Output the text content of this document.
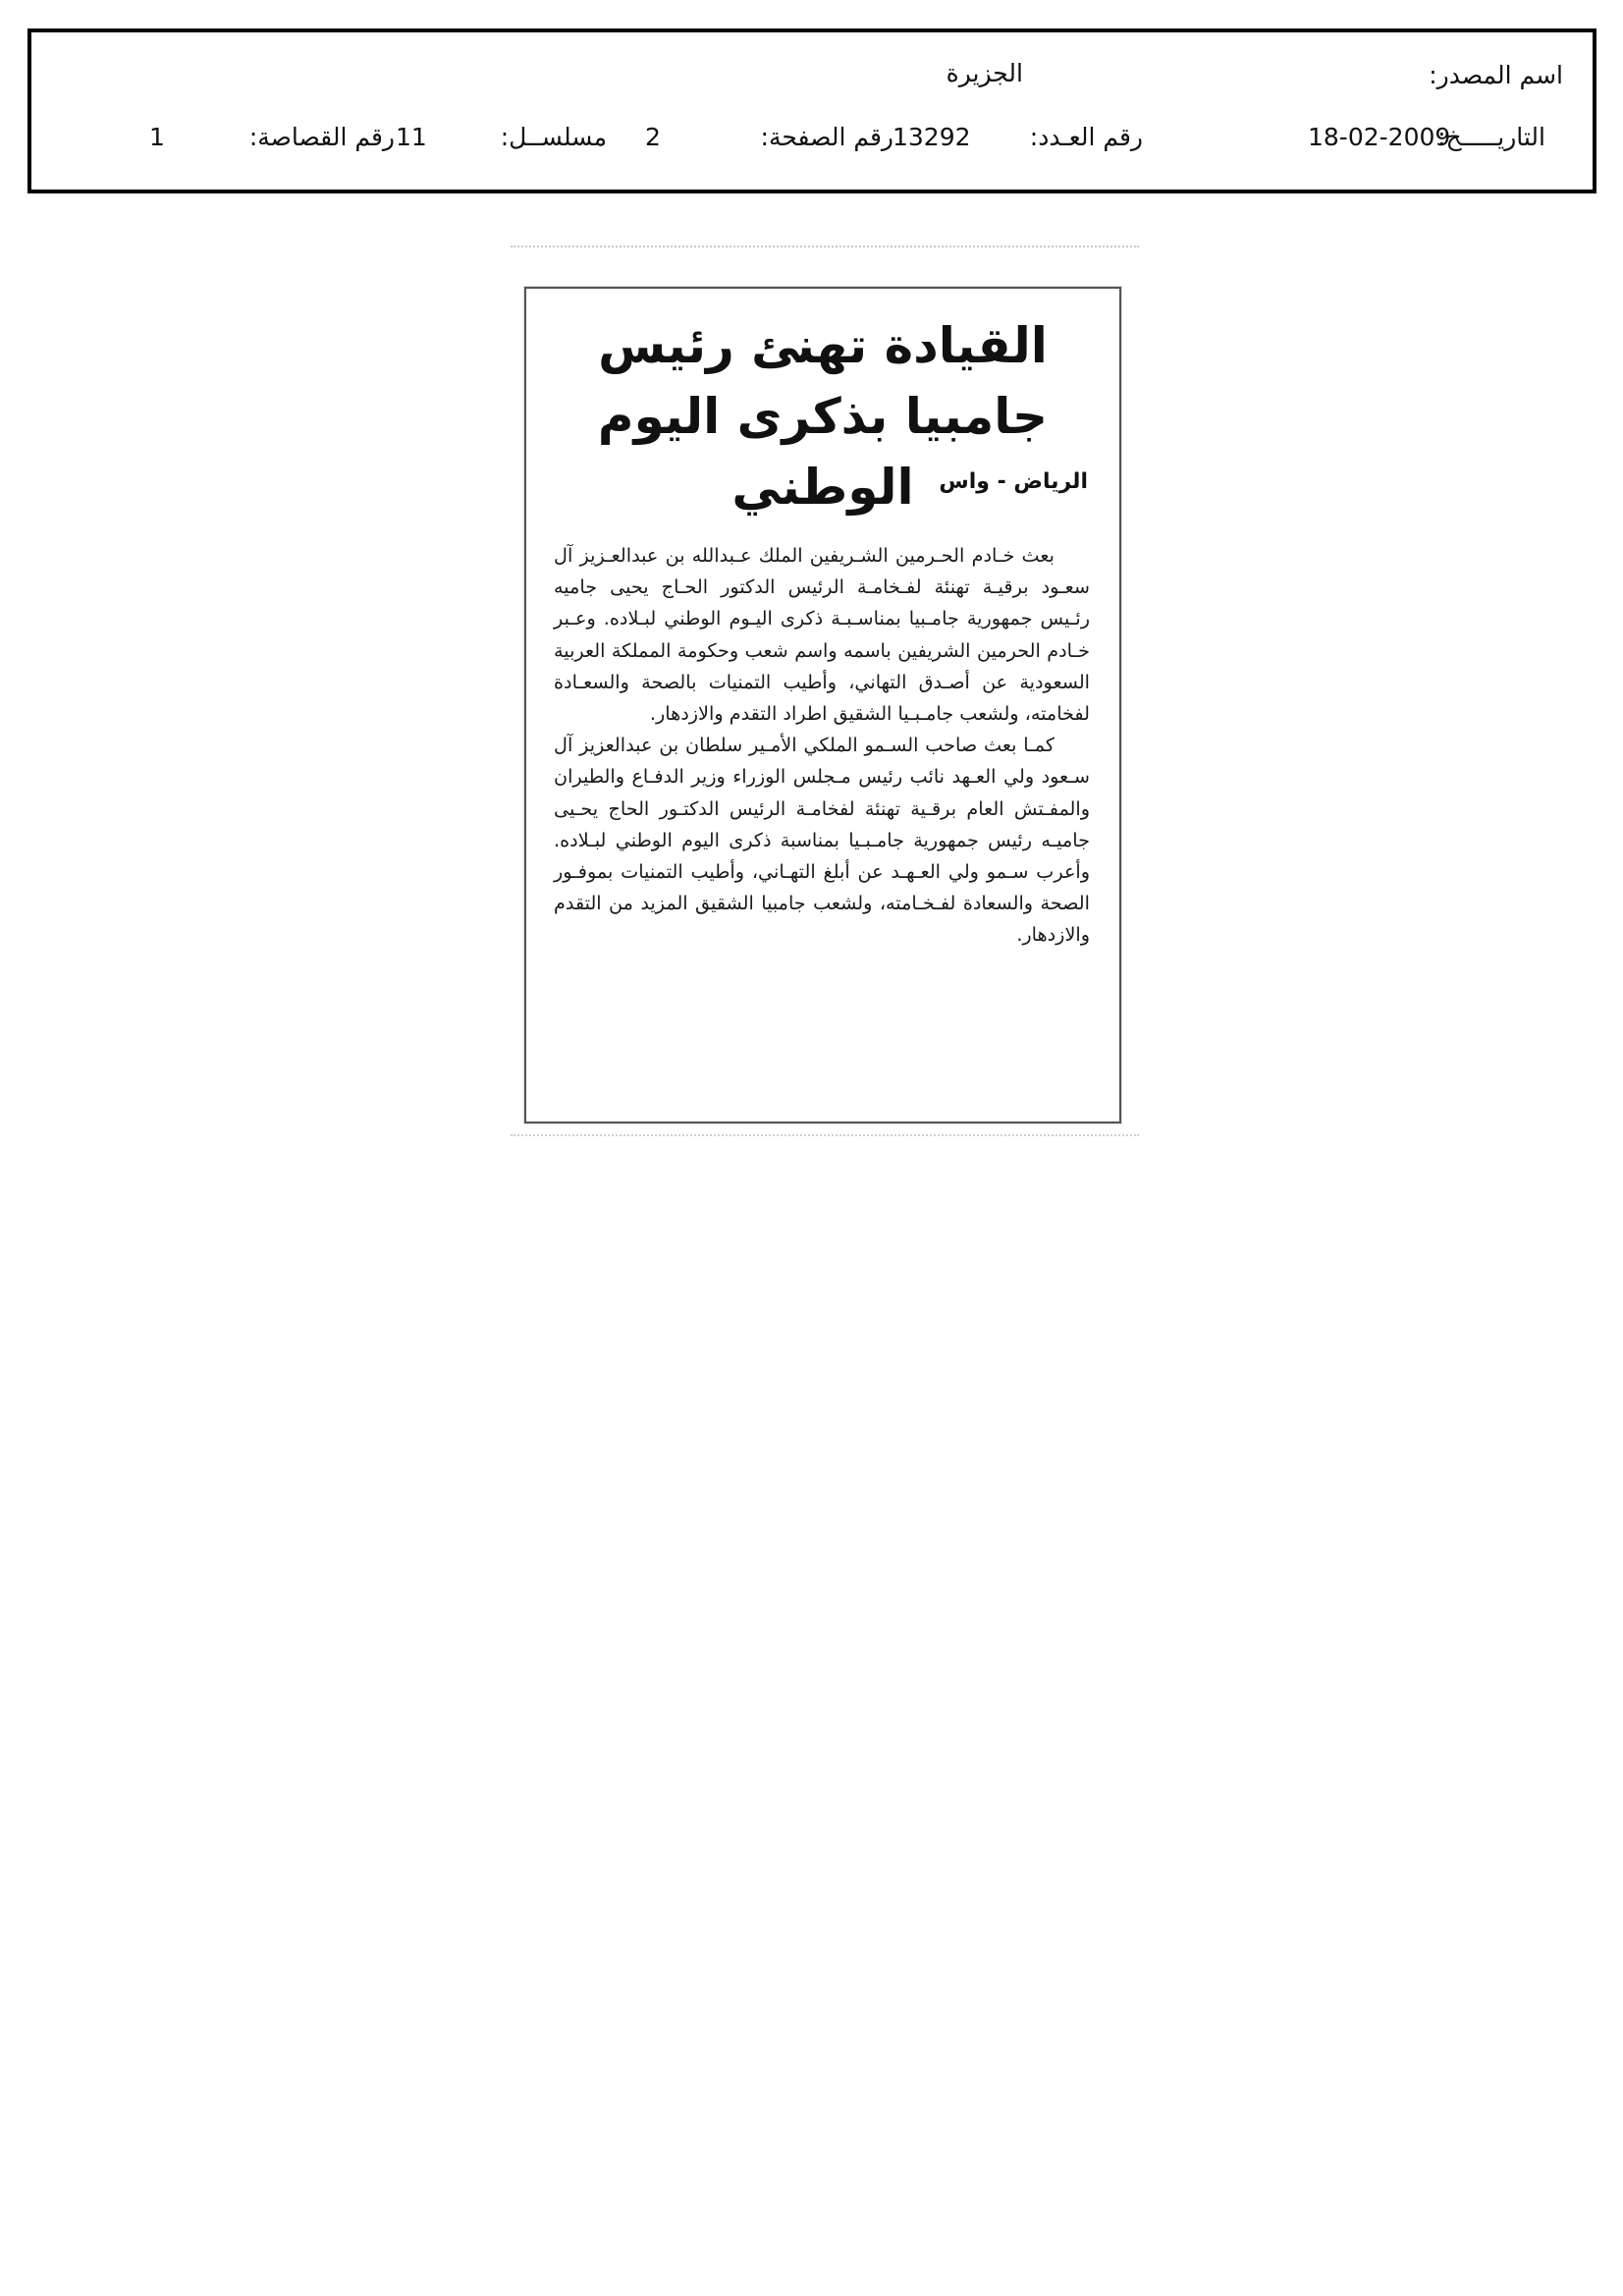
اسم المصدر:
الجزيرة
التاريـــــخ:
18-02-2009
رقم العـدد:
13292
رقم الصفحة:
2
مسلســل:
11
رقم القصاصة:
1
القيادة تهنئ رئيس جامبيا بذكرى اليوم الوطني	الرياض - واس

بعث خـادم الحـرمين الشـريفين الملك عـبدالله بن عبدالعـزيز آل سعـود برقيـة تهنئة لفـخامـة الرئيس الدكتور الحـاج يحيى جاميه رئـيس جمهورية جامـبيا بمناسـبـة ذكرى اليـوم الوطني لبـلاده. وعـبر خـادم الحرمين الشريفين باسمه واسم شعب وحكومة المملكة العربية السعودية عن أصـدق التهاني، وأطيب التمنيات بالصحة والسعـادة لفخامته، ولشعب جامـبـيا الشقيق اطراد التقدم والازدهار.

كمـا بعث صاحب السـمو الملكي الأمـير سلطان بن عبدالعزيز آل سـعود ولي العـهد نائب رئيس مـجلس الوزراء وزير الدفـاع والطيران والمفـتش العام برقـية تهنئة لفخامـة الرئيس الدكتـور الحاج يحـيى جاميـه رئيس جمهورية جامـبـيا بمناسبة ذكرى اليوم الوطني لبـلاده. وأعرب سـمو ولي العـهـد عن أبلغ التهـاني، وأطيب التمنيات بموفـور الصحة والسعادة لفـخـامته، ولشعب جامبيا الشقيق المزيد من التقدم والازدهار.
